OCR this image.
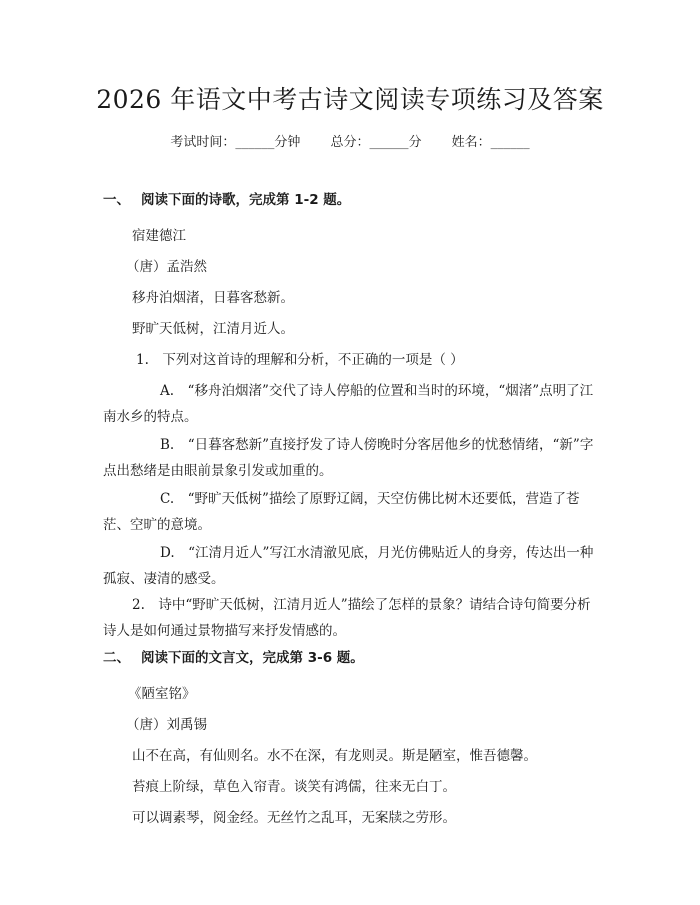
2026 年语文中考古诗文阅读专项练习及答案
考试时间：______分钟 总分：______分 姓名：______
一、 阅读下面的诗歌，完成第 1-2 题。
宿建德江
（唐）孟浩然
移舟泊烟渚，日暮客愁新。
野旷天低树，江清月近人。
1.　下列对这首诗的理解和分析，不正确的一项是（ ）
A.　“移舟泊烟渚”交代了诗人停船的位置和当时的环境，“烟渚”点明了江南水乡的特点。
B.　“日暮客愁新”直接抒发了诗人傍晚时分客居他乡的忧愁情绪，“新”字点出愁绪是由眼前景象引发或加重的。
C.　“野旷天低树”描绘了原野辽阔，天空仿佛比树木还要低，营造了苍茫、空旷的意境。
D.　“江清月近人”写江水清澈见底，月光仿佛贴近人的身旁，传达出一种孤寂、凄清的感受。
2.　诗中“野旷天低树，江清月近人”描绘了怎样的景象？请结合诗句简要分析诗人是如何通过景物描写来抒发情感的。
二、 阅读下面的文言文，完成第 3-6 题。
《陋室铭》
（唐）刘禹锡
山不在高，有仙则名。水不在深，有龙则灵。斯是陋室，惟吾德馨。
苔痕上阶绿，草色入帘青。谈笑有鸿儒，往来无白丁。
可以调素琴，阅金经。无丝竹之乱耳，无案牍之劳形。
